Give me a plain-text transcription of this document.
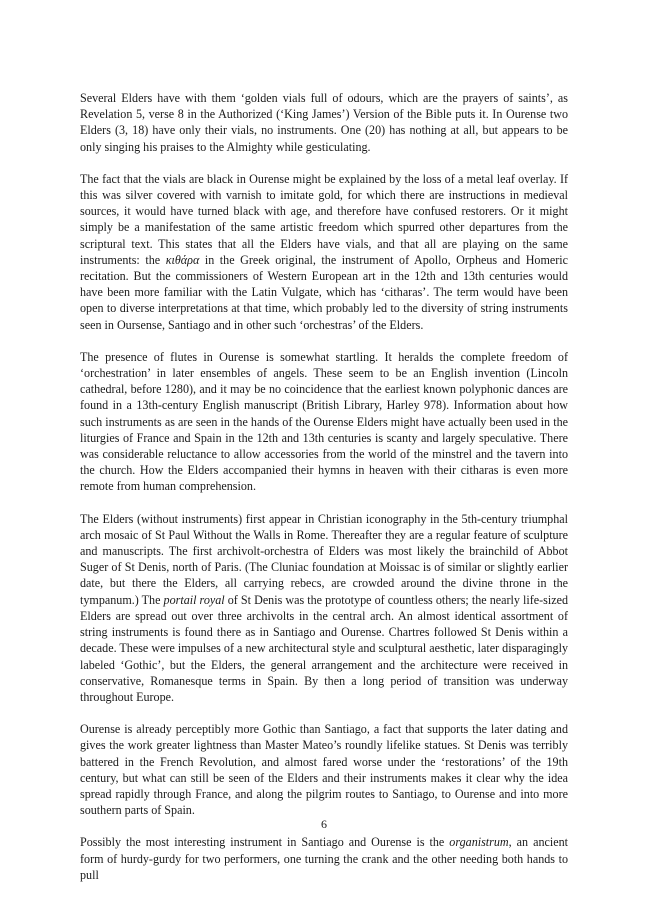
Several Elders have with them ‘golden vials full of odours, which are the prayers of saints’, as Revelation 5, verse 8 in the Authorized (‘King James’) Version of the Bible puts it. In Ourense two Elders (3, 18) have only their vials, no instruments. One (20) has nothing at all, but appears to be only singing his praises to the Almighty while gesticulating.

The fact that the vials are black in Ourense might be explained by the loss of a metal leaf overlay. If this was silver covered with varnish to imitate gold, for which there are instructions in medieval sources, it would have turned black with age, and therefore have confused restorers. Or it might simply be a manifestation of the same artistic freedom which spurred other departures from the scriptural text. This states that all the Elders have vials, and that all are playing on the same instruments: the κιθάρα in the Greek original, the instrument of Apollo, Orpheus and Homeric recitation. But the commissioners of Western European art in the 12th and 13th centuries would have been more familiar with the Latin Vulgate, which has ‘citharas’. The term would have been open to diverse interpretations at that time, which probably led to the diversity of string instruments seen in Oursense, Santiago and in other such ‘orchestras’ of the Elders.

The presence of flutes in Ourense is somewhat startling. It heralds the complete freedom of ‘orchestration’ in later ensembles of angels. These seem to be an English invention (Lincoln cathedral, before 1280), and it may be no coincidence that the earliest known polyphonic dances are found in a 13th-century English manuscript (British Library, Harley 978). Information about how such instruments as are seen in the hands of the Ourense Elders might have actually been used in the liturgies of France and Spain in the 12th and 13th centuries is scanty and largely speculative. There was considerable reluctance to allow accessories from the world of the minstrel and the tavern into the church. How the Elders accompanied their hymns in heaven with their citharas is even more remote from human comprehension.

The Elders (without instruments) first appear in Christian iconography in the 5th-century triumphal arch mosaic of St Paul Without the Walls in Rome. Thereafter they are a regular feature of sculpture and manuscripts. The first archivolt-orchestra of Elders was most likely the brainchild of Abbot Suger of St Denis, north of Paris. (The Cluniac foundation at Moissac is of similar or slightly earlier date, but there the Elders, all carrying rebecs, are crowded around the divine throne in the tympanum.) The portail royal of St Denis was the prototype of countless others; the nearly life-sized Elders are spread out over three archivolts in the central arch. An almost identical assortment of string instruments is found there as in Santiago and Ourense. Chartres followed St Denis within a decade. These were impulses of a new architectural style and sculptural aesthetic, later disparagingly labeled ‘Gothic’, but the Elders, the general arrangement and the architecture were received in conservative, Romanesque terms in Spain. By then a long period of transition was underway throughout Europe.

Ourense is already perceptibly more Gothic than Santiago, a fact that supports the later dating and gives the work greater lightness than Master Mateo’s roundly lifelike statues. St Denis was terribly battered in the French Revolution, and almost fared worse under the ‘restorations’ of the 19th century, but what can still be seen of the Elders and their instruments makes it clear why the idea spread rapidly through France, and along the pilgrim routes to Santiago, to Ourense and into more southern parts of Spain.

Possibly the most interesting instrument in Santiago and Ourense is the organistrum, an ancient form of hurdy-gurdy for two performers, one turning the crank and the other needing both hands to pull

6
